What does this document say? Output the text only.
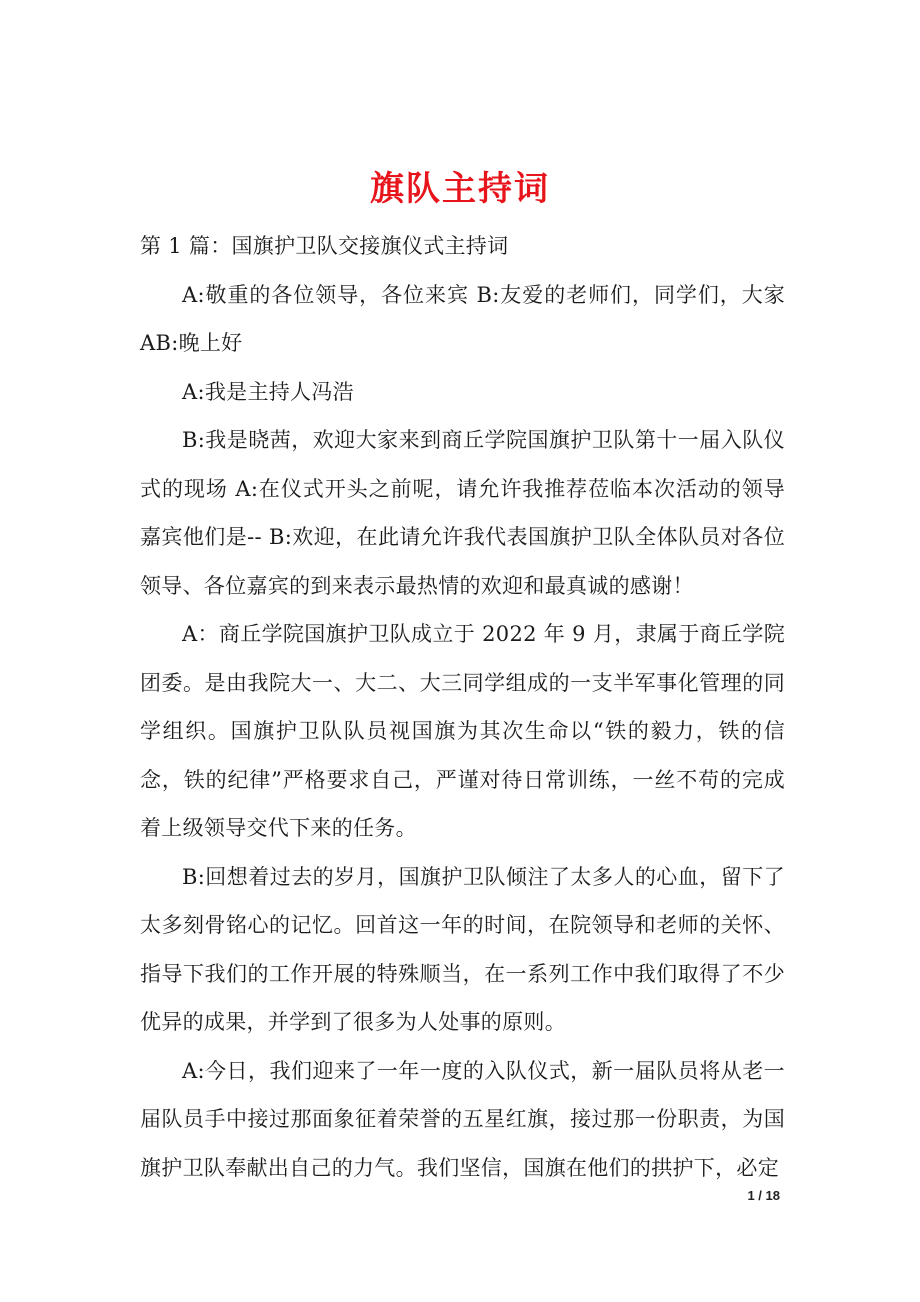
旗队主持词

第 1 篇：国旗护卫队交接旗仪式主持词

A:敬重的各位领导，各位来宾 B:友爱的老师们，同学们，大家 AB:晚上好

A:我是主持人冯浩

B:我是晓茜，欢迎大家来到商丘学院国旗护卫队第十一届入队仪式的现场 A:在仪式开头之前呢，请允许我推荐莅临本次活动的领导嘉宾他们是-- B:欢迎，在此请允许我代表国旗护卫队全体队员对各位领导、各位嘉宾的到来表示最热情的欢迎和最真诚的感谢！

A：商丘学院国旗护卫队成立于 2022 年 9 月，隶属于商丘学院团委。是由我院大一、大二、大三同学组成的一支半军事化管理的同学组织。国旗护卫队队员视国旗为其次生命以“铁的毅力，铁的信念，铁的纪律”严格要求自己，严谨对待日常训练，一丝不苟的完成着上级领导交代下来的任务。

B:回想着过去的岁月，国旗护卫队倾注了太多人的心血，留下了太多刻骨铭心的记忆。回首这一年的时间，在院领导和老师的关怀、指导下我们的工作开展的特殊顺当，在一系列工作中我们取得了不少优异的成果，并学到了很多为人处事的原则。

A:今日，我们迎来了一年一度的入队仪式，新一届队员将从老一届队员手中接过那面象征着荣誉的五星红旗，接过那一份职责，为国旗护卫队奉献出自己的力气。我们坚信，国旗在他们的拱护下，必定

1 / 18
